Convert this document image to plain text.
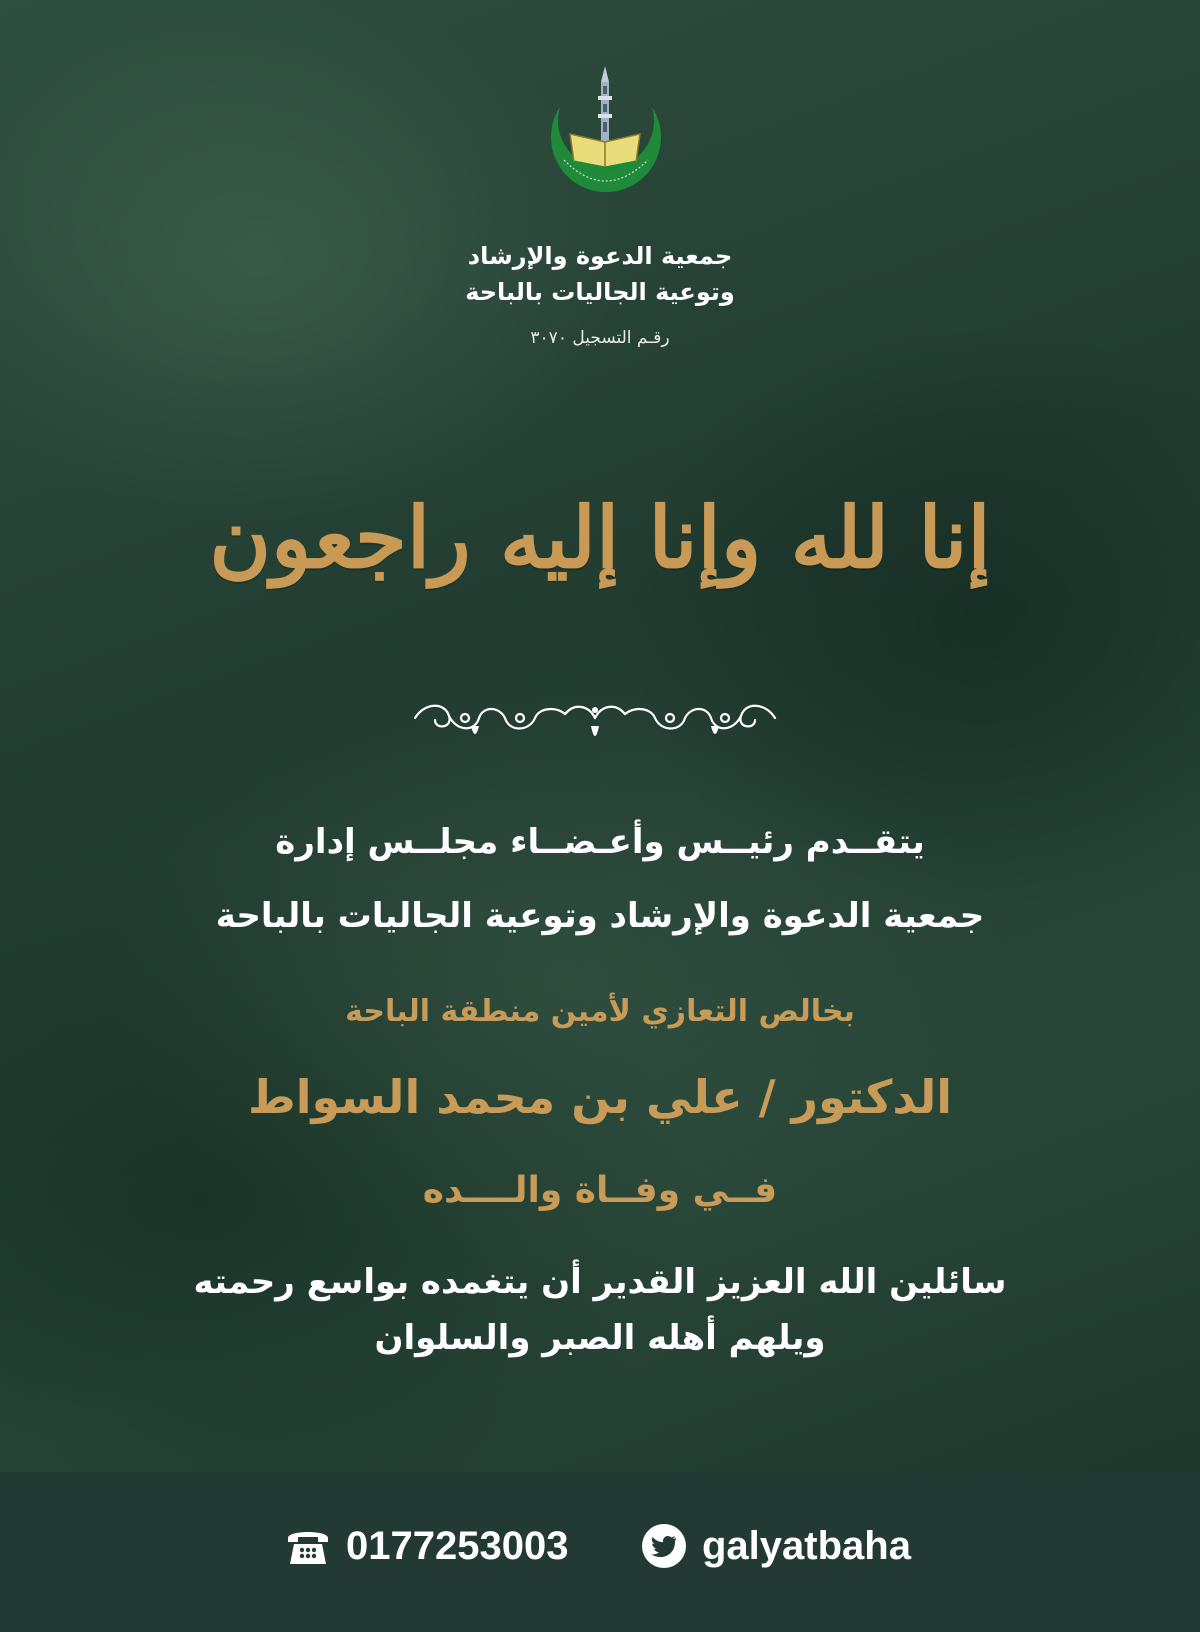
جمعية الدعوة والإرشاد
وتوعية الجاليات بالباحة
رقـم التسجيل ٣٠٧٠
إنا لله وإنا إليه راجعون
يتقــدم رئيــس وأعـضــاء مجلــس إدارة
جمعية الدعوة والإرشاد وتوعية الجاليات بالباحة
بخالص التعازي لأمين منطقة الباحة
الدكتور / علي بن محمد السواط
فــي وفــاة والــــده
سائلين الله العزيز القدير أن يتغمده بواسع رحمته
ويلهم أهله الصبر والسلوان
0177253003	galyatbaha
